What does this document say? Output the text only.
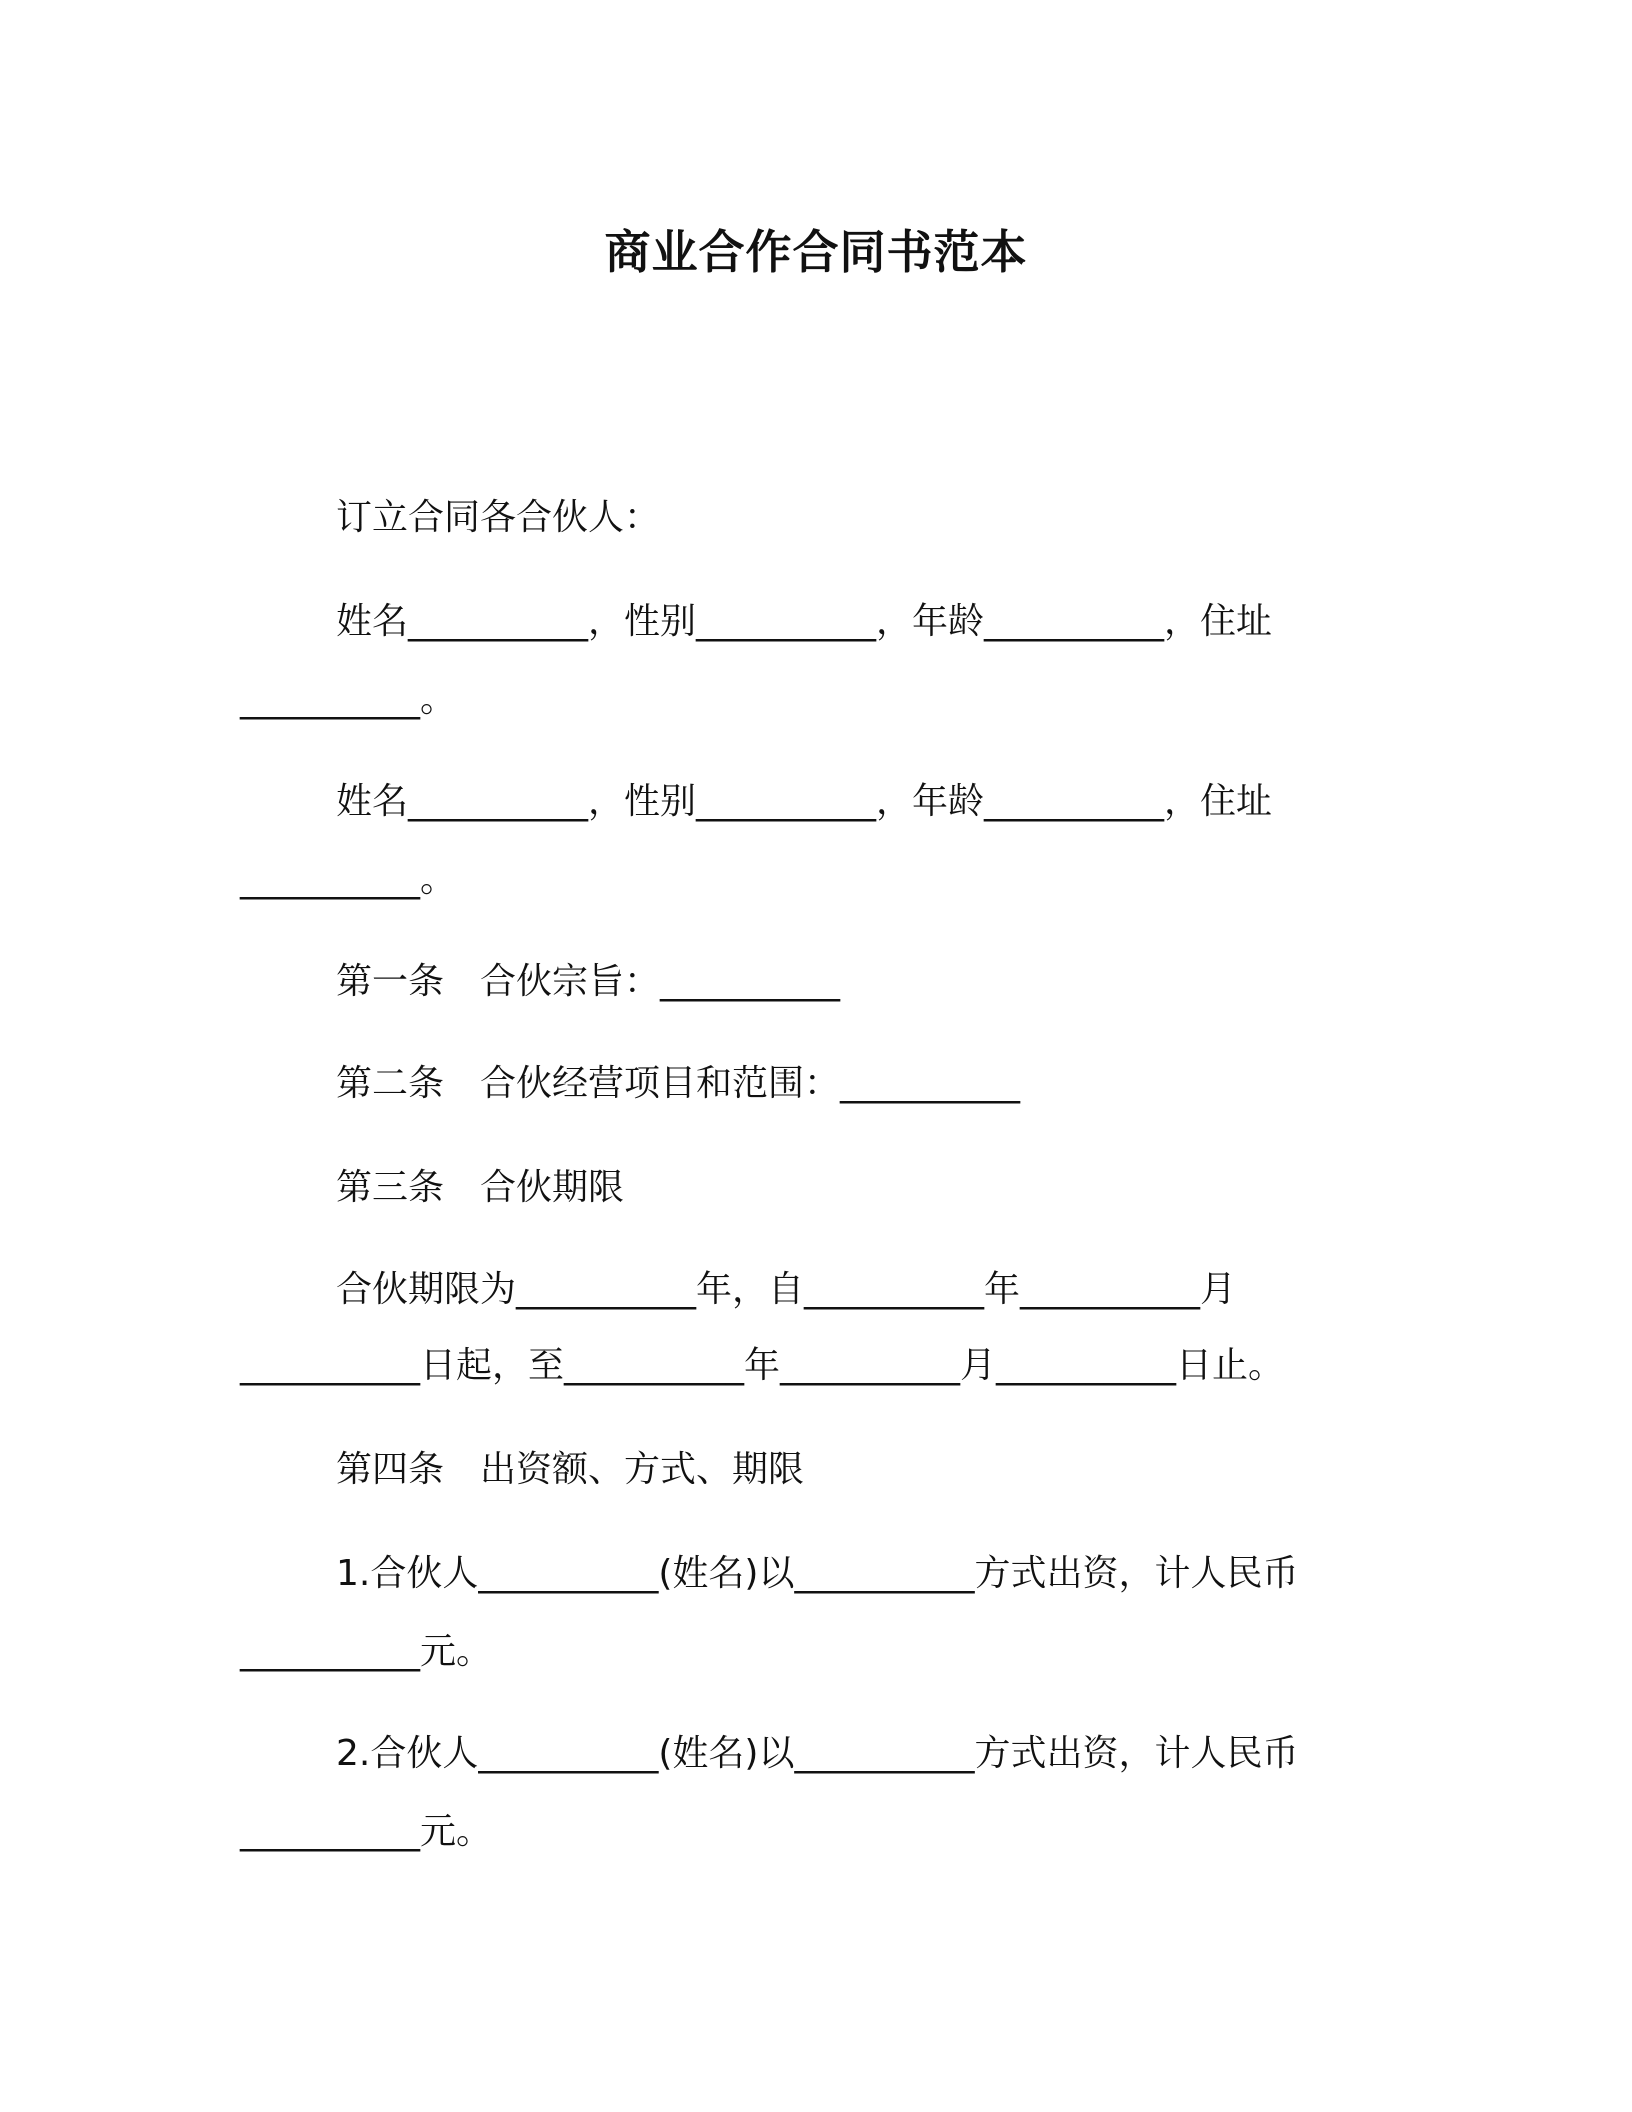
商业合作合同书范本
订立合同各合伙人：
姓名__________，性别__________，年龄__________，住址
__________。
姓名__________，性别__________，年龄__________，住址
__________。
第一条　合伙宗旨：__________
第二条　合伙经营项目和范围：__________
第三条　合伙期限
合伙期限为__________年，自__________年__________月
__________日起，至__________年__________月__________日止。
第四条　出资额、方式、期限
1.合伙人__________(姓名)以__________方式出资，计人民币
__________元。
2.合伙人__________(姓名)以__________方式出资，计人民币
__________元。
